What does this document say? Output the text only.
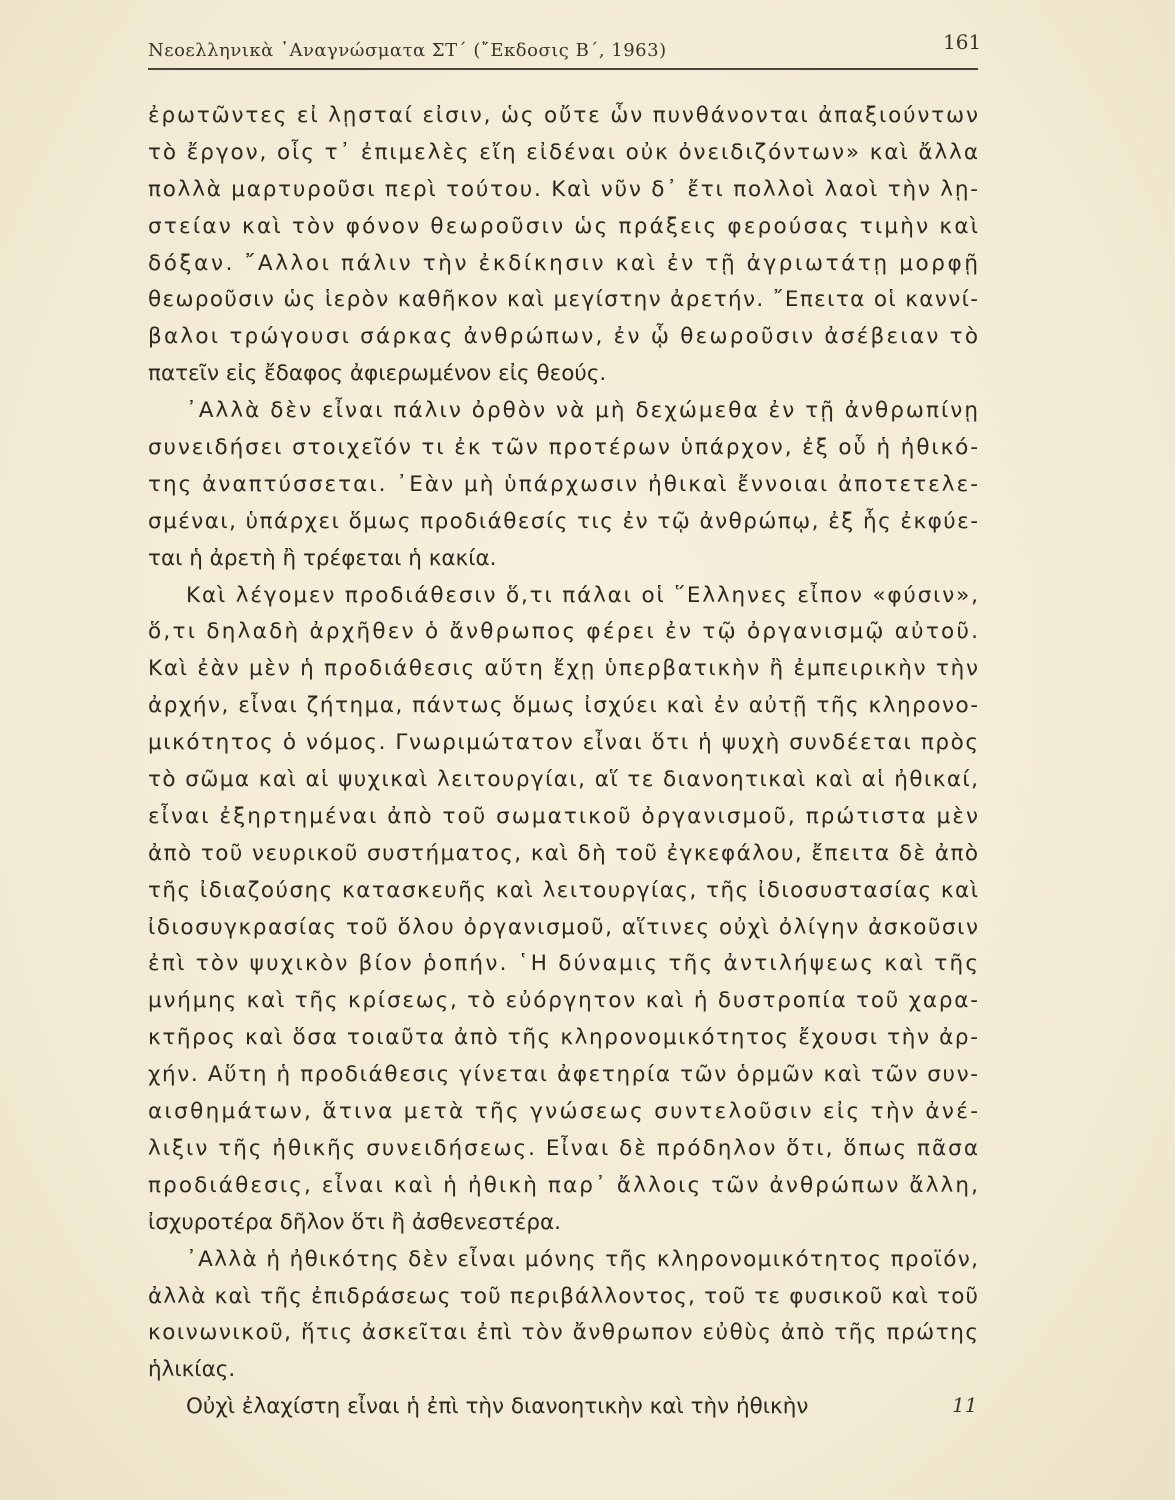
Νεοελληνικὰ ᾿Αναγνώσματα ΣΤ΄ (῎Εκδοσις Β΄, 1963)	161
ἐρωτῶντες εἰ λῃσταί εἰσιν, ὡς οὔτε ὧν πυνθάνονται ἀπαξιούντων
τὸ ἔργον, οἷς τ᾿ ἐπιμελὲς εἴη εἰδέναι οὐκ ὀνειδιζόντων» καὶ ἄλλα
πολλὰ μαρτυροῦσι περὶ τούτου. Καὶ νῦν δ᾿ ἔτι πολλοὶ λαοὶ τὴν λῃ-
στείαν καὶ τὸν φόνον θεωροῦσιν ὡς πράξεις φερούσας τιμὴν καὶ
δόξαν. ῎Αλλοι πάλιν τὴν ἐκδίκησιν καὶ ἐν τῇ ἀγριωτάτῃ μορφῇ
θεωροῦσιν ὡς ἱερὸν καθῆκον καὶ μεγίστην ἀρετήν. ῎Επειτα οἱ καννί-
βαλοι τρώγουσι σάρκας ἀνθρώπων, ἐν ᾧ θεωροῦσιν ἀσέβειαν τὸ
πατεῖν εἰς ἔδαφος ἀφιερωμένον εἰς θεούς.
᾿Αλλὰ δὲν εἶναι πάλιν ὀρθὸν νὰ μὴ δεχώμεθα ἐν τῇ ἀνθρωπίνῃ
συνειδήσει στοιχεῖόν τι ἐκ τῶν προτέρων ὑπάρχον, ἐξ οὗ ἡ ἠθικό-
της ἀναπτύσσεται. ᾿Εὰν μὴ ὑπάρχωσιν ἠθικαὶ ἔννοιαι ἀποτετελε-
σμέναι, ὑπάρχει ὅμως προδιάθεσίς τις ἐν τῷ ἀνθρώπῳ, ἐξ ἧς ἐκφύε-
ται ἡ ἀρετὴ ἢ τρέφεται ἡ κακία.
Καὶ λέγομεν προδιάθεσιν ὅ,τι πάλαι οἱ ῞Ελληνες εἶπον «φύσιν»,
ὅ,τι δηλαδὴ ἀρχῆθεν ὁ ἄνθρωπος φέρει ἐν τῷ ὀργανισμῷ αὐτοῦ.
Καὶ ἐὰν μὲν ἡ προδιάθεσις αὕτη ἔχῃ ὑπερβατικὴν ἢ ἐμπειρικὴν τὴν
ἀρχήν, εἶναι ζήτημα, πάντως ὅμως ἰσχύει καὶ ἐν αὐτῇ τῆς κληρονο-
μικότητος ὁ νόμος. Γνωριμώτατον εἶναι ὅτι ἡ ψυχὴ συνδέεται πρὸς
τὸ σῶμα καὶ αἱ ψυχικαὶ λειτουργίαι, αἵ τε διανοητικαὶ καὶ αἱ ἠθικαί,
εἶναι ἐξηρτημέναι ἀπὸ τοῦ σωματικοῦ ὀργανισμοῦ, πρώτιστα μὲν
ἀπὸ τοῦ νευρικοῦ συστήματος, καὶ δὴ τοῦ ἐγκεφάλου, ἔπειτα δὲ ἀπὸ
τῆς ἰδιαζούσης κατασκευῆς καὶ λειτουργίας, τῆς ἰδιοσυστασίας καὶ
ἰδιοσυγκρασίας τοῦ ὅλου ὀργανισμοῦ, αἵτινες οὐχὶ ὀλίγην ἀσκοῦσιν
ἐπὶ τὸν ψυχικὸν βίον ῥοπήν. ῾Η δύναμις τῆς ἀντιλήψεως καὶ τῆς
μνήμης καὶ τῆς κρίσεως, τὸ εὐόργητον καὶ ἡ δυστροπία τοῦ χαρα-
κτῆρος καὶ ὅσα τοιαῦτα ἀπὸ τῆς κληρονομικότητος ἔχουσι τὴν ἀρ-
χήν. Αὕτη ἡ προδιάθεσις γίνεται ἀφετηρία τῶν ὁρμῶν καὶ τῶν συν-
αισθημάτων, ἅτινα μετὰ τῆς γνώσεως συντελοῦσιν εἰς τὴν ἀνέ-
λιξιν τῆς ἠθικῆς συνειδήσεως. Εἶναι δὲ πρόδηλον ὅτι, ὅπως πᾶσα
προδιάθεσις, εἶναι καὶ ἡ ἠθικὴ παρ᾿ ἄλλοις τῶν ἀνθρώπων ἄλλη,
ἰσχυροτέρα δῆλον ὅτι ἢ ἀσθενεστέρα.
᾿Αλλὰ ἡ ἠθικότης δὲν εἶναι μόνης τῆς κληρονομικότητος προϊόν,
ἀλλὰ καὶ τῆς ἐπιδράσεως τοῦ περιβάλλοντος, τοῦ τε φυσικοῦ καὶ τοῦ
κοινωνικοῦ, ἥτις ἀσκεῖται ἐπὶ τὸν ἄνθρωπον εὐθὺς ἀπὸ τῆς πρώτης
ἡλικίας.
Οὐχὶ ἐλαχίστη εἶναι ἡ ἐπὶ τὴν διανοητικὴν καὶ τὴν ἠθικὴν	11
